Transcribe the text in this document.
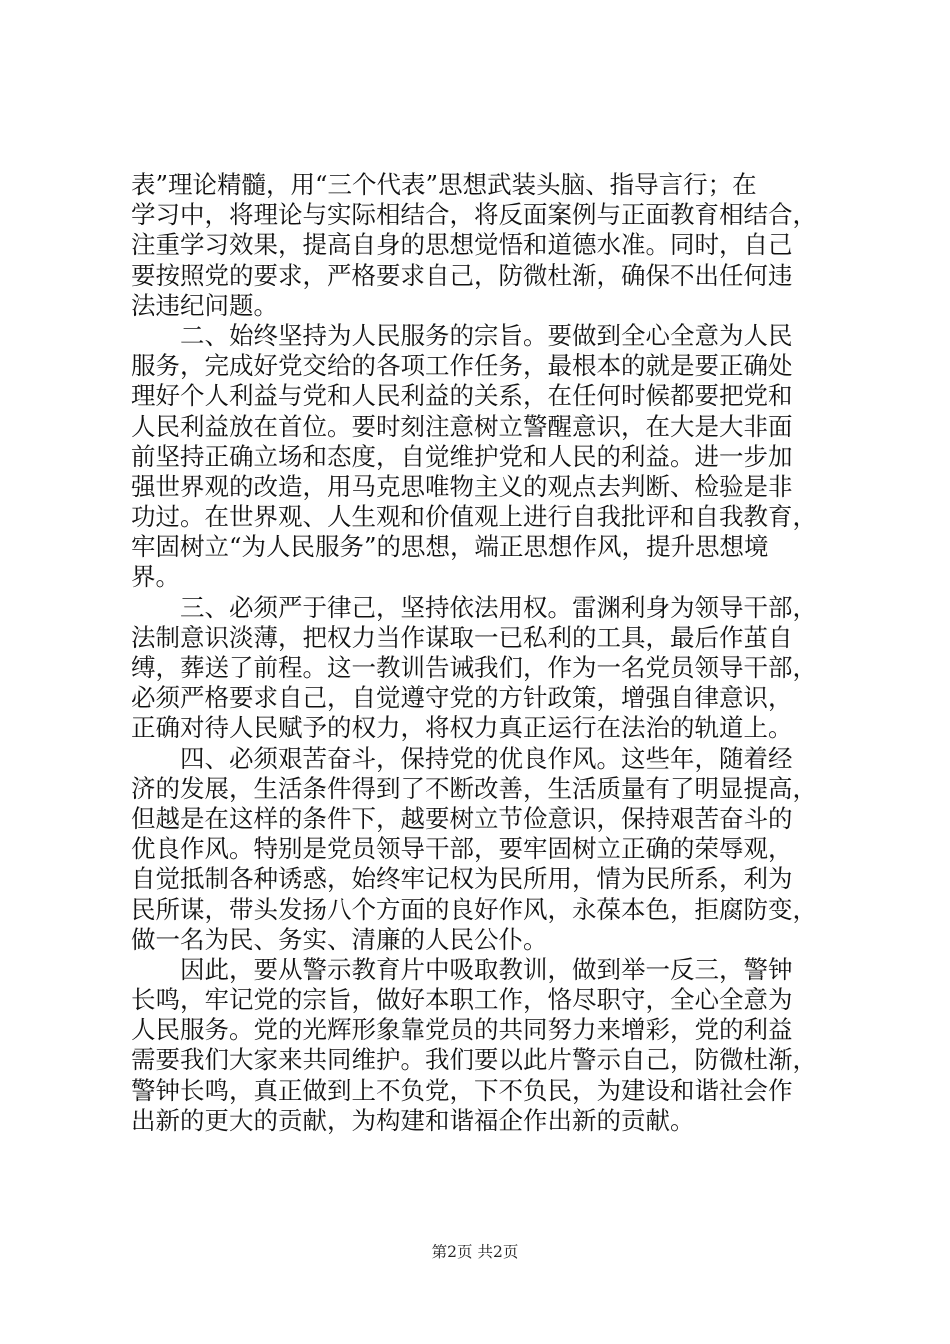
表”理论精髓，用“三个代表”思想武装头脑、指导言行；在
学习中，将理论与实际相结合，将反面案例与正面教育相结合，
注重学习效果，提高自身的思想觉悟和道德水准。同时，自己
要按照党的要求，严格要求自己，防微杜渐，确保不出任何违
法违纪问题。
二、始终坚持为人民服务的宗旨。要做到全心全意为人民
服务，完成好党交给的各项工作任务，最根本的就是要正确处
理好个人利益与党和人民利益的关系，在任何时候都要把党和
人民利益放在首位。要时刻注意树立警醒意识，在大是大非面
前坚持正确立场和态度，自觉维护党和人民的利益。进一步加
强世界观的改造，用马克思唯物主义的观点去判断、检验是非
功过。在世界观、人生观和价值观上进行自我批评和自我教育，
牢固树立“为人民服务”的思想，端正思想作风，提升思想境
界。
三、必须严于律己，坚持依法用权。雷渊利身为领导干部，
法制意识淡薄，把权力当作谋取一已私利的工具，最后作茧自
缚，葬送了前程。这一教训告诫我们，作为一名党员领导干部，
必须严格要求自己，自觉遵守党的方针政策，增强自律意识，
正确对待人民赋予的权力，将权力真正运行在法治的轨道上。
四、必须艰苦奋斗，保持党的优良作风。这些年，随着经
济的发展，生活条件得到了不断改善，生活质量有了明显提高，
但越是在这样的条件下，越要树立节俭意识，保持艰苦奋斗的
优良作风。特别是党员领导干部，要牢固树立正确的荣辱观，
自觉抵制各种诱惑，始终牢记权为民所用，情为民所系，利为
民所谋，带头发扬八个方面的良好作风，永葆本色，拒腐防变，
做一名为民、务实、清廉的人民公仆。
因此，要从警示教育片中吸取教训，做到举一反三，警钟
长鸣，牢记党的宗旨，做好本职工作，恪尽职守，全心全意为
人民服务。党的光辉形象靠党员的共同努力来增彩，党的利益
需要我们大家来共同维护。我们要以此片警示自己，防微杜渐，
警钟长鸣，真正做到上不负党，下不负民，为建设和谐社会作
出新的更大的贡献，为构建和谐福企作出新的贡献。
第2页 共2页
